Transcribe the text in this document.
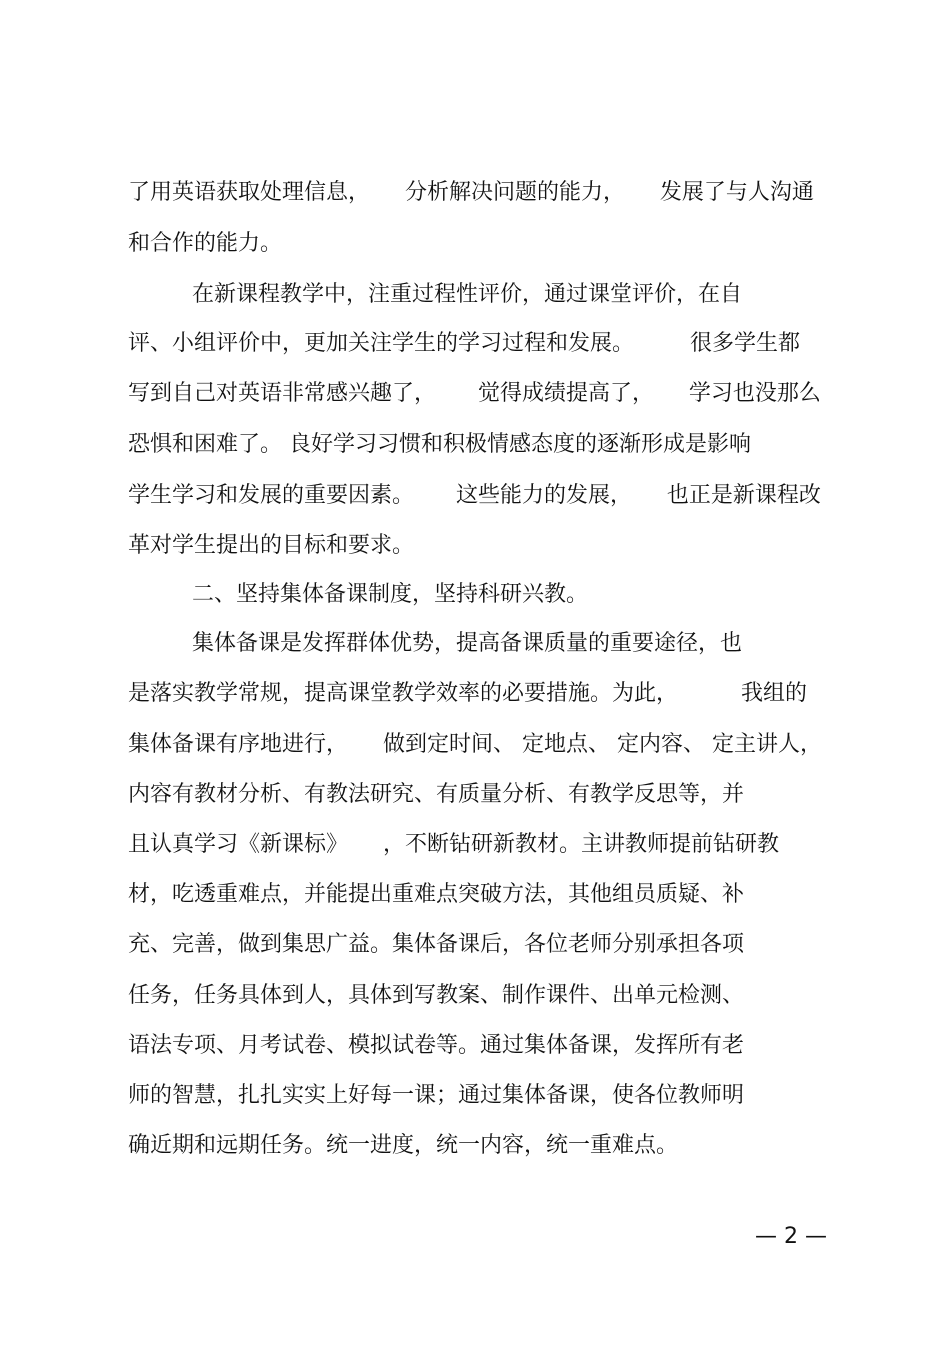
了用英语获取处理信息，     分析解决问题的能力，     发展了与人沟通
和合作的能力。
在新课程教学中，注重过程性评价，通过课堂评价，在自
评、小组评价中，更加关注学生的学习过程和发展。        很多学生都
写到自己对英语非常感兴趣了，      觉得成绩提高了，     学习也没那么
恐惧和困难了。 良好学习习惯和积极情感态度的逐渐形成是影响
学生学习和发展的重要因素。      这些能力的发展，     也正是新课程改
革对学生提出的目标和要求。
二、坚持集体备课制度，坚持科研兴教。
集体备课是发挥群体优势，提高备课质量的重要途径，也
是落实教学常规，提高课堂教学效率的必要措施。为此，         我组的
集体备课有序地进行，     做到定时间、 定地点、 定内容、 定主讲人，
内容有教材分析、有教法研究、有质量分析、有教学反思等，并
且认真学习《新课标》     ，不断钻研新教材。主讲教师提前钻研教
材，吃透重难点，并能提出重难点突破方法，其他组员质疑、补
充、完善，做到集思广益。集体备课后，各位老师分别承担各项
任务，任务具体到人，具体到写教案、制作课件、出单元检测、
语法专项、月考试卷、模拟试卷等。通过集体备课，发挥所有老
师的智慧，扎扎实实上好每一课；通过集体备课，使各位教师明
确近期和远期任务。统一进度，统一内容，统一重难点。
— 2 —
